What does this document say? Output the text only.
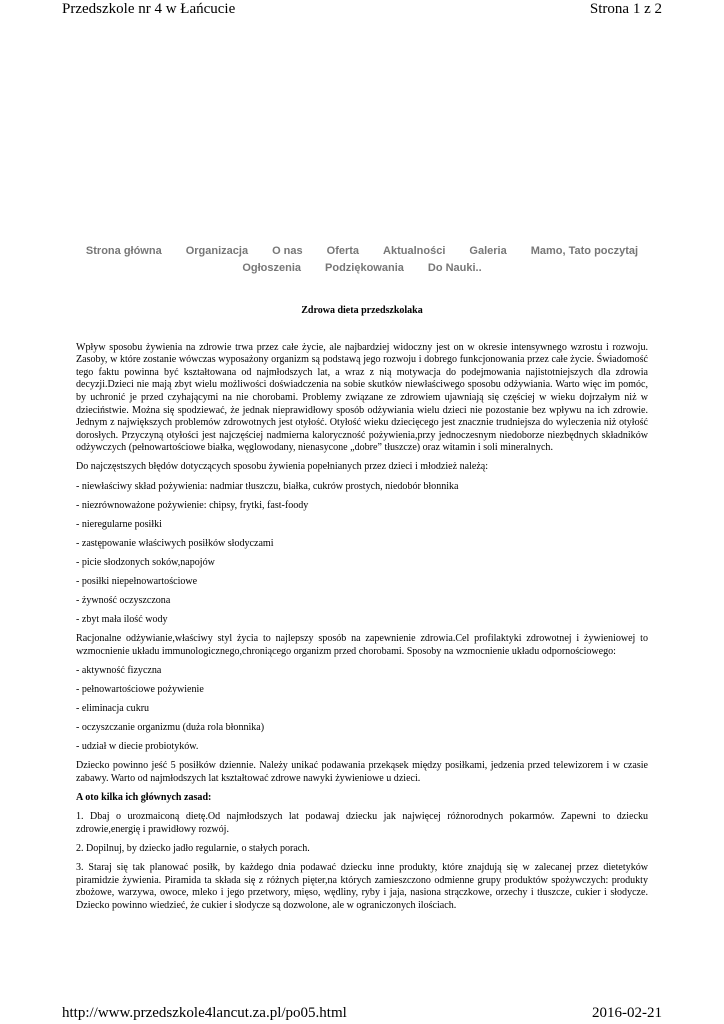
Przedszkole nr 4 w Łańcucie	Strona 1 z 2
Strona główna Organizacja O nas Oferta Aktualności Galeria Mamo, Tato poczytaj
Ogłoszenia Podziękowania Do Nauki..
Zdrowa dieta przedszkolaka

Wpływ sposobu żywienia na zdrowie trwa przez całe życie, ale najbardziej widoczny jest on w okresie intensywnego wzrostu i rozwoju. Zasoby, w które zostanie wówczas wyposażony organizm są podstawą jego rozwoju i dobrego funkcjonowania przez całe życie. Świadomość tego faktu powinna być kształtowana od najmłodszych lat, a wraz z nią motywacja do podejmowania najistotniejszych dla zdrowia decyzji.Dzieci nie mają zbyt wielu możliwości doświadczenia na sobie skutków niewłaściwego sposobu odżywiania. Warto więc im pomóc, by uchronić je przed czyhającymi na nie chorobami. Problemy związane ze zdrowiem ujawniają się częściej w wieku dojrzałym niż w dzieciństwie. Można się spodziewać, że jednak nieprawidłowy sposób odżywiania wielu dzieci nie pozostanie bez wpływu na ich zdrowie. Jednym z największych problemów zdrowotnych jest otyłość. Otyłość wieku dziecięcego jest znacznie trudniejsza do wyleczenia niż otyłość dorosłych. Przyczyną otyłości jest najczęściej nadmierna kaloryczność pożywienia,przy jednoczesnym niedoborze niezbędnych składników odżywczych (pełnowartościowe białka, węglowodany, nienasycone „dobre” tłuszcze) oraz witamin i soli mineralnych.

Do najczęstszych błędów dotyczących sposobu żywienia popełnianych przez dzieci i młodzież należą:

- niewłaściwy skład pożywienia: nadmiar tłuszczu, białka, cukrów prostych, niedobór błonnika

- niezrównoważone pożywienie: chipsy, frytki, fast-foody

- nieregularne posiłki

- zastępowanie właściwych posiłków słodyczami

- picie słodzonych soków,napojów

- posiłki niepełnowartościowe

- żywność oczyszczona

- zbyt mała ilość wody

Racjonalne odżywianie,właściwy styl życia to najlepszy sposób na zapewnienie zdrowia.Cel profilaktyki zdrowotnej i żywieniowej to wzmocnienie układu immunologicznego,chroniącego organizm przed chorobami. Sposoby na wzmocnienie układu odpornościowego:

- aktywność fizyczna

- pełnowartościowe pożywienie

- eliminacja cukru

- oczyszczanie organizmu (duża rola błonnika)

- udział w diecie probiotyków.

Dziecko powinno jeść 5 posiłków dziennie. Należy unikać podawania przekąsek między posiłkami, jedzenia przed telewizorem i w czasie zabawy. Warto od najmłodszych lat kształtować zdrowe nawyki żywieniowe u dzieci.

A oto kilka ich głównych zasad:

1. Dbaj o urozmaiconą dietę.Od najmłodszych lat podawaj dziecku jak najwięcej różnorodnych pokarmów. Zapewni to dziecku zdrowie,energię i prawidłowy rozwój.

2. Dopilnuj, by dziecko jadło regularnie, o stałych porach.

3. Staraj się tak planować posiłk, by każdego dnia podawać dziecku inne produkty, które znajdują się w zalecanej przez dietetyków piramidzie żywienia. Piramida ta składa się z różnych pięter,na których zamieszczono odmienne grupy produktów spożywczych: produkty zbożowe, warzywa, owoce, mleko i jego przetwory, mięso, wędliny, ryby i jaja, nasiona strączkowe, orzechy i tłuszcze, cukier i słodycze. Dziecko powinno wiedzieć, że cukier i słodycze są dozwolone, ale w ograniczonych ilościach.

http://www.przedszkole4lancut.za.pl/po05.html	2016-02-21
